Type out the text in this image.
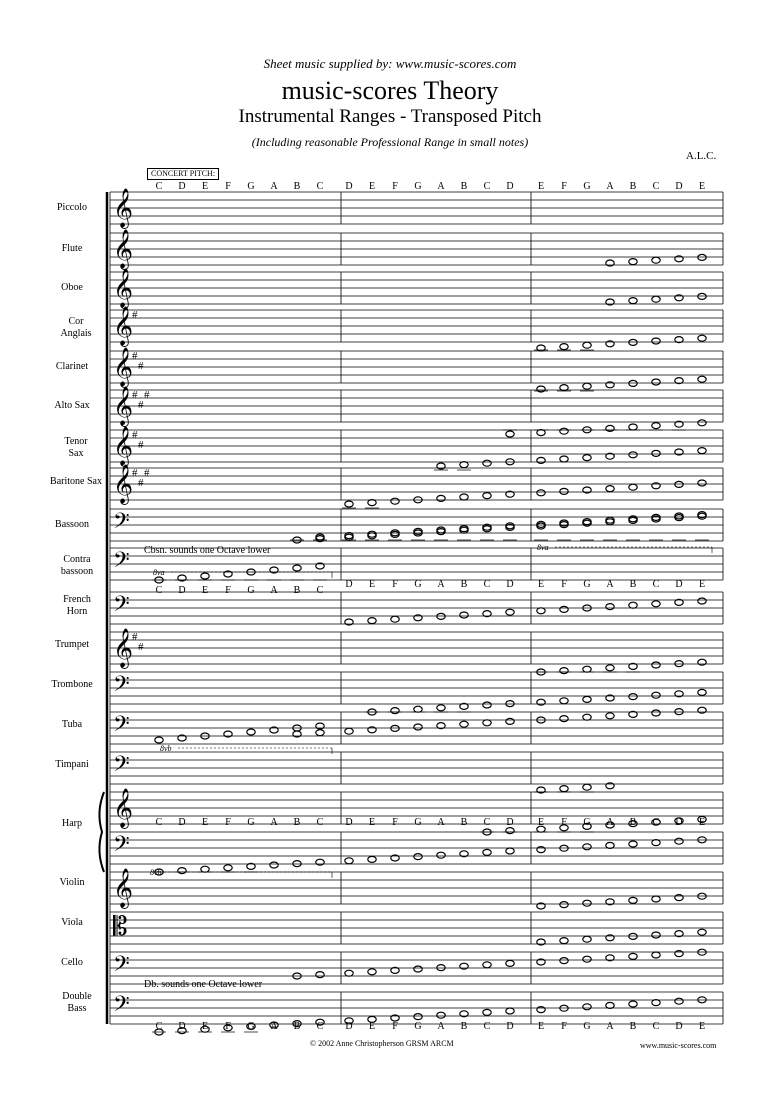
Sheet music supplied by: www.music-scores.com
music-scores Theory
Instrumental Ranges - Transposed Pitch
(Including reasonable Professional Range in small notes)
A.L.C.
CONCERT PITCH:
Piccolo
Flute
Oboe
Cor Anglais
Clarinet
Alto Sax
Tenor Sax
Baritone Sax
Bassoon
Contra bassoon
French Horn
Trumpet
Trombone
Tuba
Timpani
Harp
Violin
Viola
Cello
Double Bass
Cbsn. sounds one Octave lower
Db. sounds one Octave lower
© 2002 Anne Christopherson GRSM ARCM	www.music-scores.com
𝄞
𝄞
𝄞
𝄞
#
𝄞
#
#
𝄞
#
#
#
𝄞
#
#
𝄞
#
#
#
𝄢
𝄢
𝄢
𝄞
#
#
𝄢
𝄢
𝄢
𝄞
𝄢
𝄞
𝄡
𝄢
𝄢
8va
8vb
8vb
8va
C D E	F	G A B C D E	F	G A B C D E	F	G A B C D E
C D E	F	G A B C
D E	F	G A B C D E	F	G A B C D E
C D E	F	G A B C D E	F	G A B C D E	F	G A B C D E
C D E	F	G A B C D E	F	G A B C D E	F	G A B C D E
